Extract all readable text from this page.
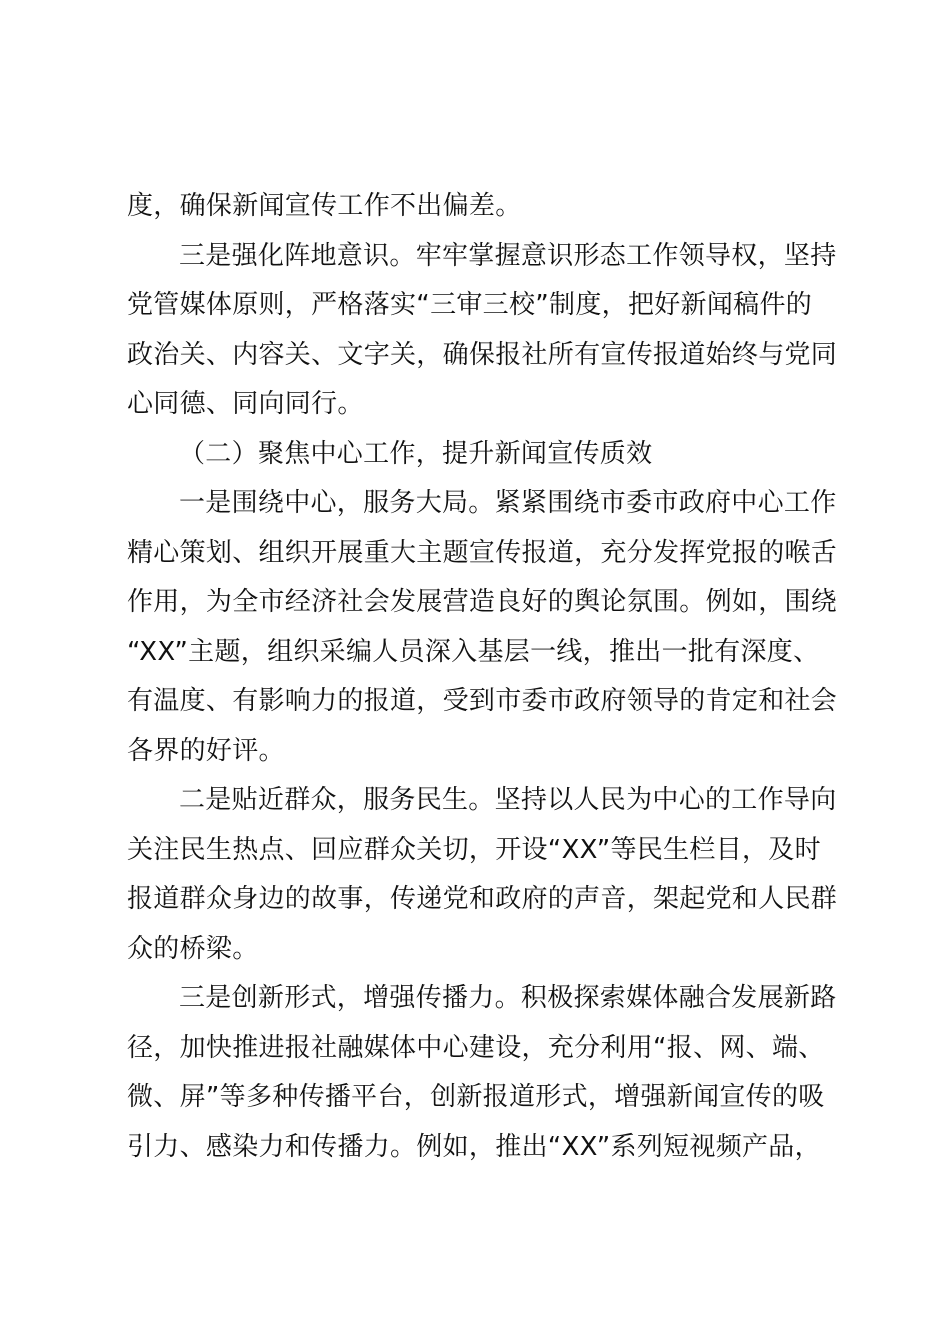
度，确保新闻宣传工作不出偏差。

三是强化阵地意识。牢牢掌握意识形态工作领导权，坚持
党管媒体原则，严格落实“三审三校”制度，把好新闻稿件的
政治关、内容关、文字关，确保报社所有宣传报道始终与党同
心同德、同向同行。

（二）聚焦中心工作，提升新闻宣传质效

一是围绕中心，服务大局。紧紧围绕市委市政府中心工作
精心策划、组织开展重大主题宣传报道，充分发挥党报的喉舌
作用，为全市经济社会发展营造良好的舆论氛围。例如，围绕
“XX”主题，组织采编人员深入基层一线，推出一批有深度、
有温度、有影响力的报道，受到市委市政府领导的肯定和社会
各界的好评。

二是贴近群众，服务民生。坚持以人民为中心的工作导向
关注民生热点、回应群众关切，开设“XX”等民生栏目，及时
报道群众身边的故事，传递党和政府的声音，架起党和人民群
众的桥梁。

三是创新形式，增强传播力。积极探索媒体融合发展新路
径，加快推进报社融媒体中心建设，充分利用“报、网、端、
微、屏”等多种传播平台，创新报道形式，增强新闻宣传的吸
引力、感染力和传播力。例如，推出“XX”系列短视频产品，
